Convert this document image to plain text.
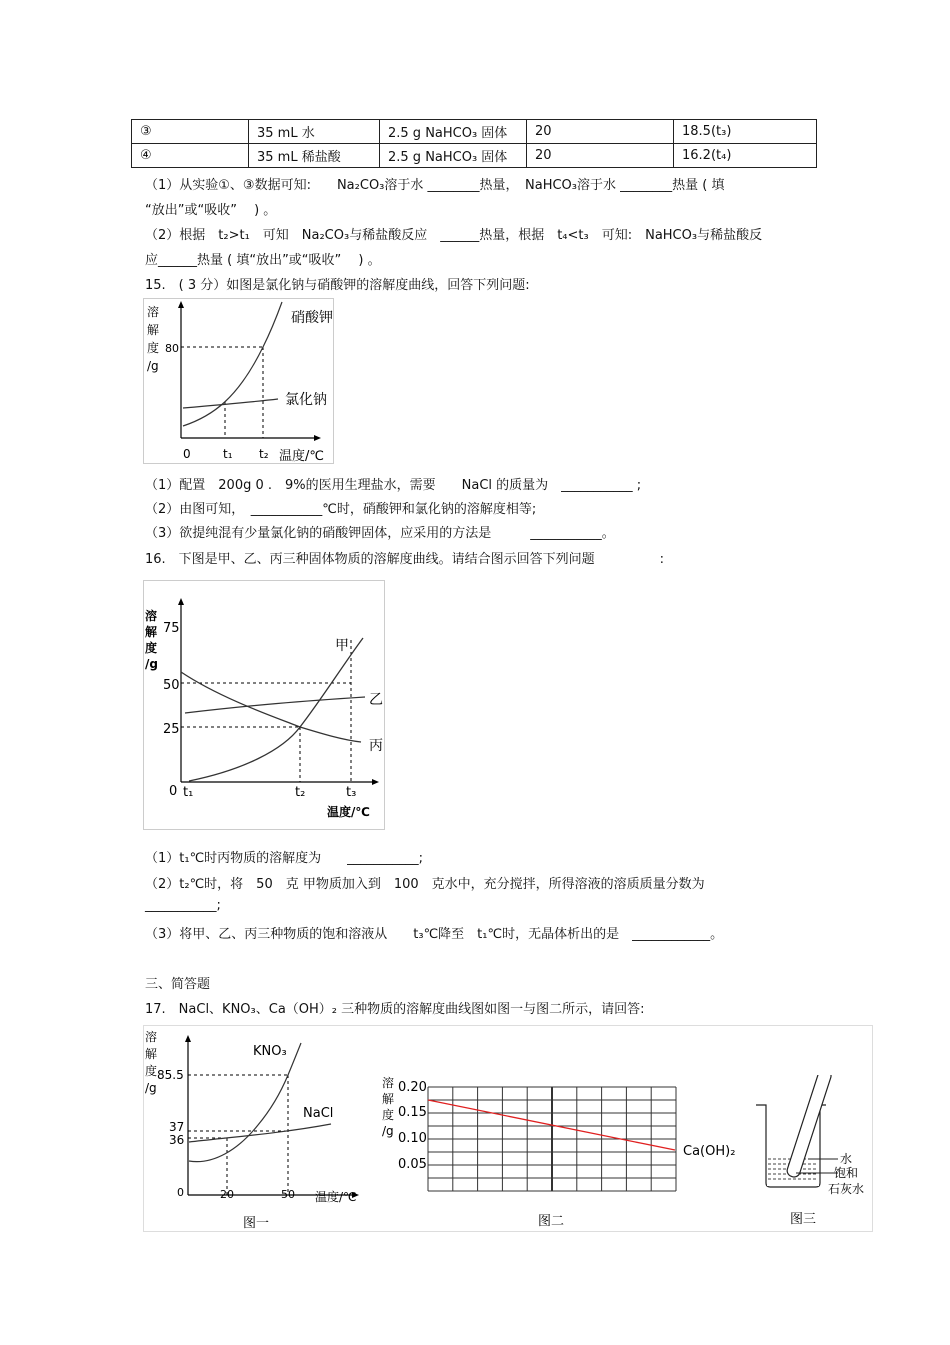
③	35 mL 水	2.5 g NaHCO₃ 固体	20	18.5(t₃)
④	35 mL 稀盐酸	2.5 g NaHCO₃ 固体	20	16.2(t₄)
（1）从实验①、③数据可知:　　Na₂CO₃溶于水 ________热量，　NaHCO₃溶于水 ________热量 ( 填
“放出”或“吸收”　 ) 。
（2）根据　t₂>t₁　可知　Na₂CO₃与稀盐酸反应　______热量，根据　t₄<t₃　可知:　NaHCO₃与稀盐酸反
应______热量 ( 填“放出”或“吸收”　 ) 。
15.　( 3 分）如图是氯化钠与硝酸钾的溶解度曲线，回答下列问题:
溶
解
度
/g
80
硝酸钾
氯化钠
0	t₁ t₂ 温度/℃
（1）配置　200g 0 .　9%的医用生理盐水，需要　　NaCl 的质量为　___________ ;
（2）由图可知，　___________℃时，硝酸钾和氯化钠的溶解度相等;
（3）欲提纯混有少量氯化钠的硝酸钾固体，应采用的方法是　　　___________。
16.　下图是甲、乙、丙三种固体物质的溶解度曲线。请结合图示回答下列问题　　　　　:
溶
解
度
/g
75
50
25
0
甲
乙
丙
t₁	t₂	t₃
温度/℃
（1）t₁℃时丙物质的溶解度为　　___________;
（2）t₂℃时，将　50　克 甲物质加入到　100　克水中，充分搅拌，所得溶液的溶质质量分数为
___________;
（3）将甲、乙、丙三种物质的饱和溶液从　　t₃℃降至　t₁℃时，无晶体析出的是　____________。
三、简答题
17.　NaCl、KNO₃、Ca（OH）₂ 三种物质的溶解度曲线图如图一与图二所示，请回答:
溶
解
度
/g
85.5
37
36
KNO₃
NaCl
0	20	50 温度/℃
图一
溶
解
度
/g
0.20
0.15
0.10
0.05
Ca(OH)₂
图二
水
饱和
石灰水
图三
